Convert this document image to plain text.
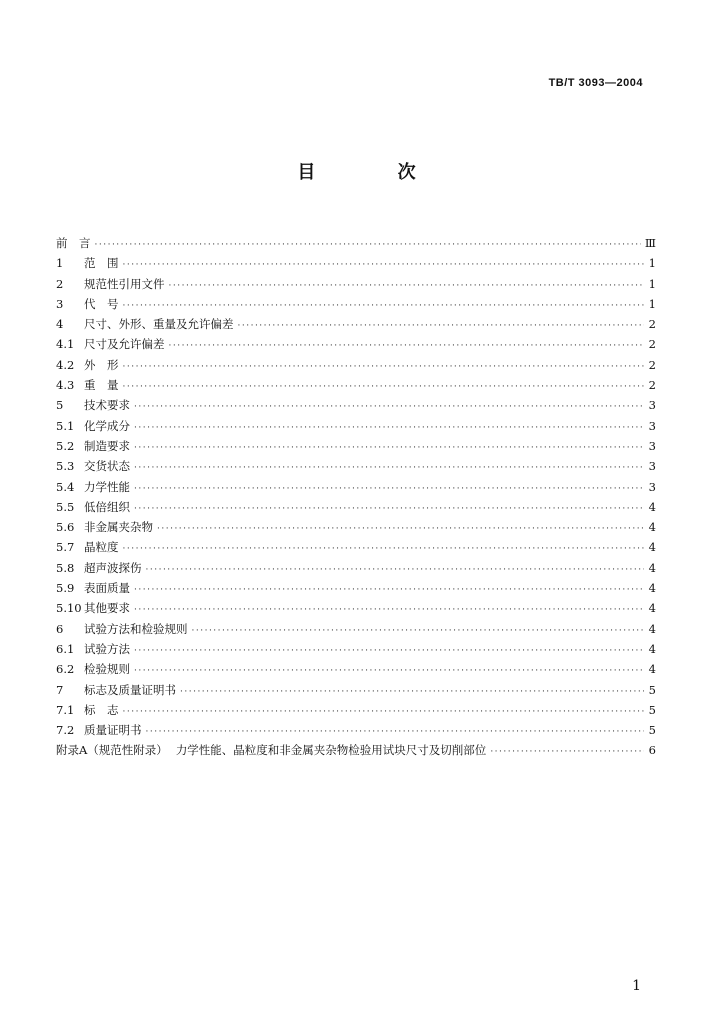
TB/T 3093—2004
目 次
前　言 ·····	Ⅲ
1	范　围 ·····	1
2	规范性引用文件 ·····	1
3	代　号 ·····	1
4	尺寸、外形、重量及允许偏差 ·····	2
4.1 尺寸及允许偏差 ·····	2
4.2 外　形 ·····	2
4.3 重　量 ·····	2
5	技术要求 ·····	3
5.1 化学成分 ·····	3
5.2 制造要求 ·····	3
5.3 交货状态 ·····	3
5.4 力学性能 ·····	3
5.5 低倍组织 ·····	4
5.6 非金属夹杂物 ·····	4
5.7 晶粒度 ·····	4
5.8 超声波探伤 ·····	4
5.9 表面质量 ·····	4
5.10 其他要求 ·····	4
6	试验方法和检验规则 ·····	4
6.1 试验方法 ·····	4
6.2 检验规则 ·····	4
7	标志及质量证明书 ·····	5
7.1 标　志 ·····	5
7.2 质量证明书 ·····	5
附录A（规范性附录） 力学性能、晶粒度和非金属夹杂物检验用试块尺寸及切削部位 ·····	6
1
